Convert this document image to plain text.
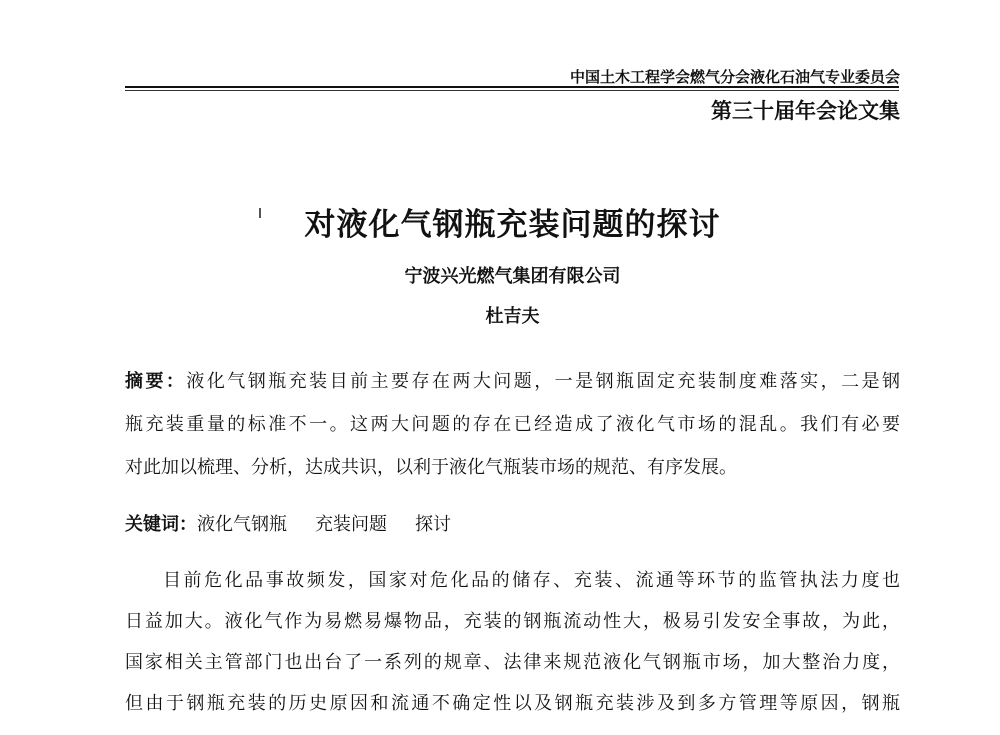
中国土木工程学会燃气分会液化石油气专业委员会
第三十届年会论文集
对液化气钢瓶充装问题的探讨
宁波兴光燃气集团有限公司
杜吉夫
摘要：液化气钢瓶充装目前主要存在两大问题，一是钢瓶固定充装制度难落实，二是钢
瓶充装重量的标准不一。这两大问题的存在已经造成了液化气市场的混乱。我们有必要
对此加以梳理、分析，达成共识，以利于液化气瓶装市场的规范、有序发展。
关键词：液化气钢瓶 充装问题 探讨
目前危化品事故频发，国家对危化品的储存、充装、流通等环节的监管执法力度也
日益加大。液化气作为易燃易爆物品，充装的钢瓶流动性大，极易引发安全事故，为此，
国家相关主管部门也出台了一系列的规章、法律来规范液化气钢瓶市场，加大整治力度，
但由于钢瓶充装的历史原因和流通不确定性以及钢瓶充装涉及到多方管理等原因，钢瓶
